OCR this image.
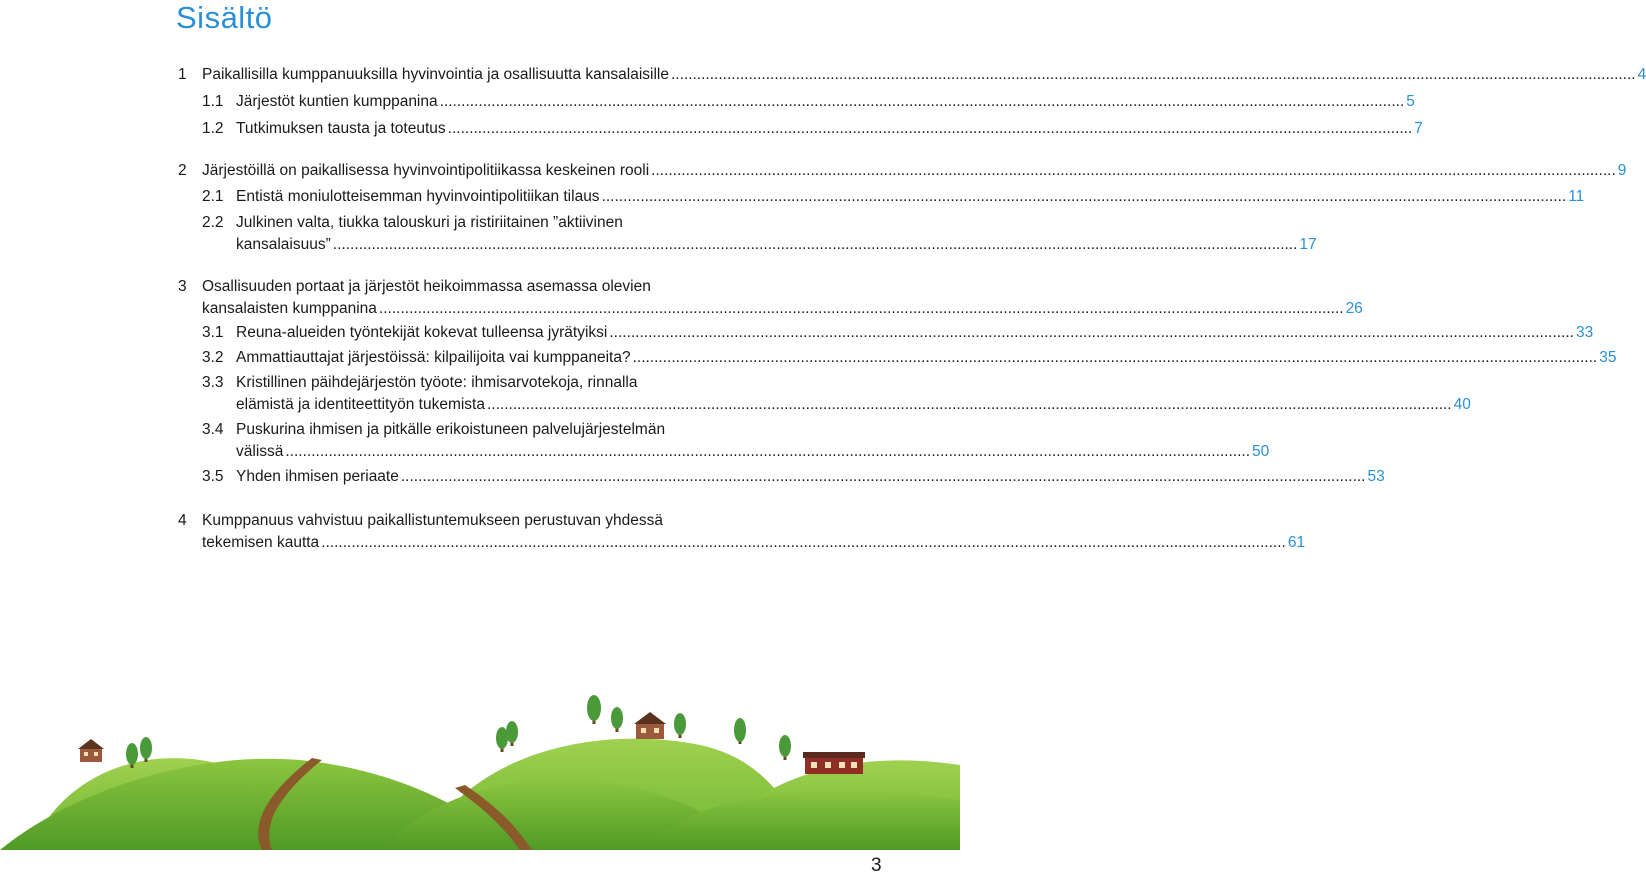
Sisältö
1 Paikallisilla kumppanuuksilla hyvinvointia ja osallisuutta kansalaisille .....	4
1.1 Järjestöt kuntien kumppanina .....	5
1.2 Tutkimuksen tausta ja toteutus .....	7
2 Järjestöillä on paikallisessa hyvinvointipolitiikassa keskeinen rooli .....	9
2.1 Entistä moniulotteisemman hyvinvointipolitiikan tilaus .....	11
2.2 Julkinen valta, tiukka talouskuri ja ristiriitainen ”aktiivinen
kansalaisuus” .....	17
3 Osallisuuden portaat ja järjestöt heikoimmassa asemassa olevien
kansalaisten kumppanina .....	26
3.1 Reuna-alueiden työntekijät kokevat tulleensa jyrätyiksi .....	33
3.2 Ammattiauttajat järjestöissä: kilpailijoita vai kumppaneita? .....	35
3.3 Kristillinen päihdejärjestön työote: ihmisarvotekoja, rinnalla
elämistä ja identiteettityön tukemista .....	40
3.4 Puskurina ihmisen ja pitkälle erikoistuneen palvelujärjestelmän
välissä .....	50
3.5 Yhden ihmisen periaate .....	53
4 Kumppanuus vahvistuu paikallistuntemukseen perustuvan yhdessä
tekemisen kautta .....	61
3
